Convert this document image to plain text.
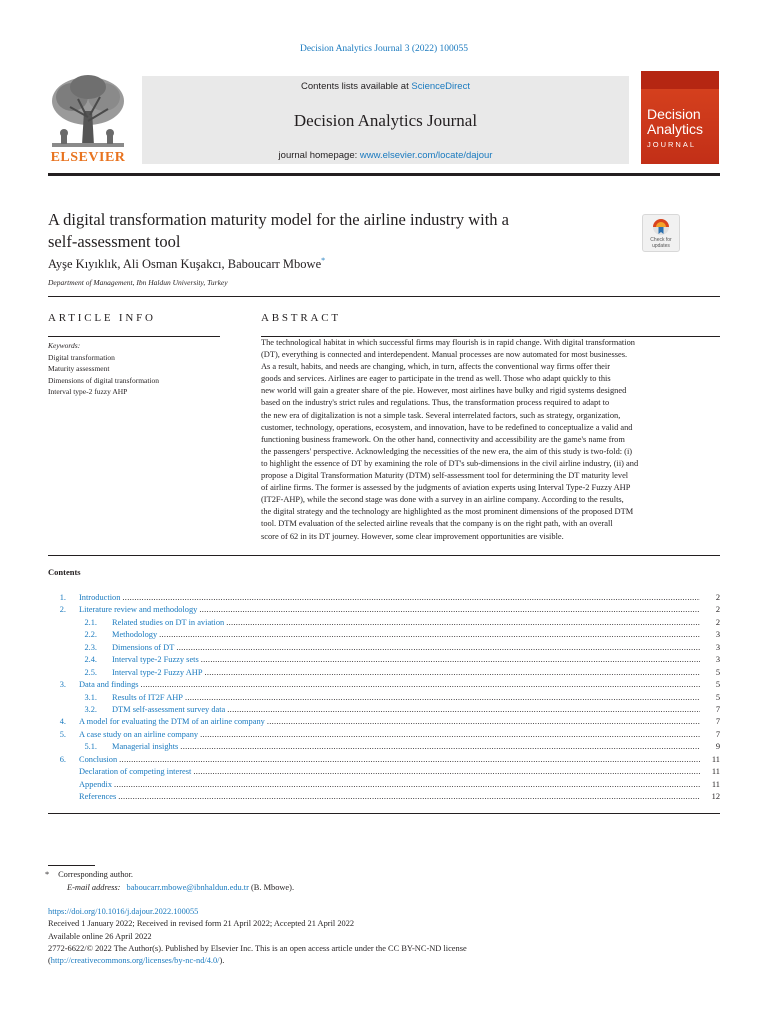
Decision Analytics Journal 3 (2022) 100055
ELSEVIER
Contents lists available at ScienceDirect
Decision Analytics Journal
journal homepage: www.elsevier.com/locate/dajour
Decision
Analytics
JOURNAL
A digital transformation maturity model for the airline industry with a
self-assessment tool	Check for updates
Ayşe Kıyıklık, Ali Osman Kuşakcı, Baboucarr Mbowe*
Department of Management, Ibn Haldun University, Turkey
ARTICLE INFO	ABSTRACT
Keywords:
Digital transformation
Maturity assessment
Dimensions of digital transformation
Interval type-2 fuzzy AHP
The technological habitat in which successful firms may flourish is in rapid change. With digital transformation
(DT), everything is connected and interdependent. Manual processes are now automated for most businesses.
As a result, habits, and needs are changing, which, in turn, affects the conventional way firms offer their
goods and services. Airlines are eager to participate in the trend as well. Those who adapt quickly to this
new world will gain a greater share of the pie. However, most airlines have bulky and rigid systems designed
based on the industry's strict rules and regulations. Thus, the transformation process required to adapt to
the new era of digitalization is not a simple task. Several interrelated factors, such as strategy, organization,
customer, technology, operations, ecosystem, and innovation, have to be redefined to conceptualize a valid and
functioning business framework. On the other hand, connectivity and accessibility are the game's name from
the passengers' perspective. Acknowledging the necessities of the new era, the aim of this study is two-fold: (i)
to highlight the essence of DT by examining the role of DT's sub-dimensions in the civil airline industry, (ii) and
propose a Digital Transformation Maturity (DTM) self-assessment tool for determining the DT maturity level
of airline firms. The former is assessed by the judgments of aviation experts using Interval Type-2 Fuzzy AHP
(IT2F-AHP), while the second stage was done with a survey in an airline company. According to the results,
the digital strategy and the technology are highlighted as the most prominent dimensions of the proposed DTM
tool. DTM evaluation of the selected airline reveals that the company is on the right path, with an overall
score of 62 in its DT journey. However, some clear improvement opportunities are visible.
Contents
1. Introduction .....	2
2. Literature review and methodology .....	2
2.1. Related studies on DT in aviation .....	2
2.2. Methodology .....	3
2.3. Dimensions of DT .....	3
2.4. Interval type-2 Fuzzy sets .....	3
2.5. Interval type-2 Fuzzy AHP .....	5
3. Data and findings .....	5
3.1. Results of IT2F AHP .....	5
3.2. DTM self-assessment survey data .....	7
4. A model for evaluating the DTM of an airline company .....	7
5. A case study on an airline company .....	7
5.1. Managerial insights .....	9
6. Conclusion .....	11
Declaration of competing interest .....	11
Appendix .....	11
References .....	12
* Corresponding author.
E-mail address: baboucarr.mbowe@ibnhaldun.edu.tr (B. Mbowe).
https://doi.org/10.1016/j.dajour.2022.100055
Received 1 January 2022; Received in revised form 21 April 2022; Accepted 21 April 2022
Available online 26 April 2022
2772-6622/© 2022 The Author(s). Published by Elsevier Inc. This is an open access article under the CC BY-NC-ND license
(http://creativecommons.org/licenses/by-nc-nd/4.0/).
